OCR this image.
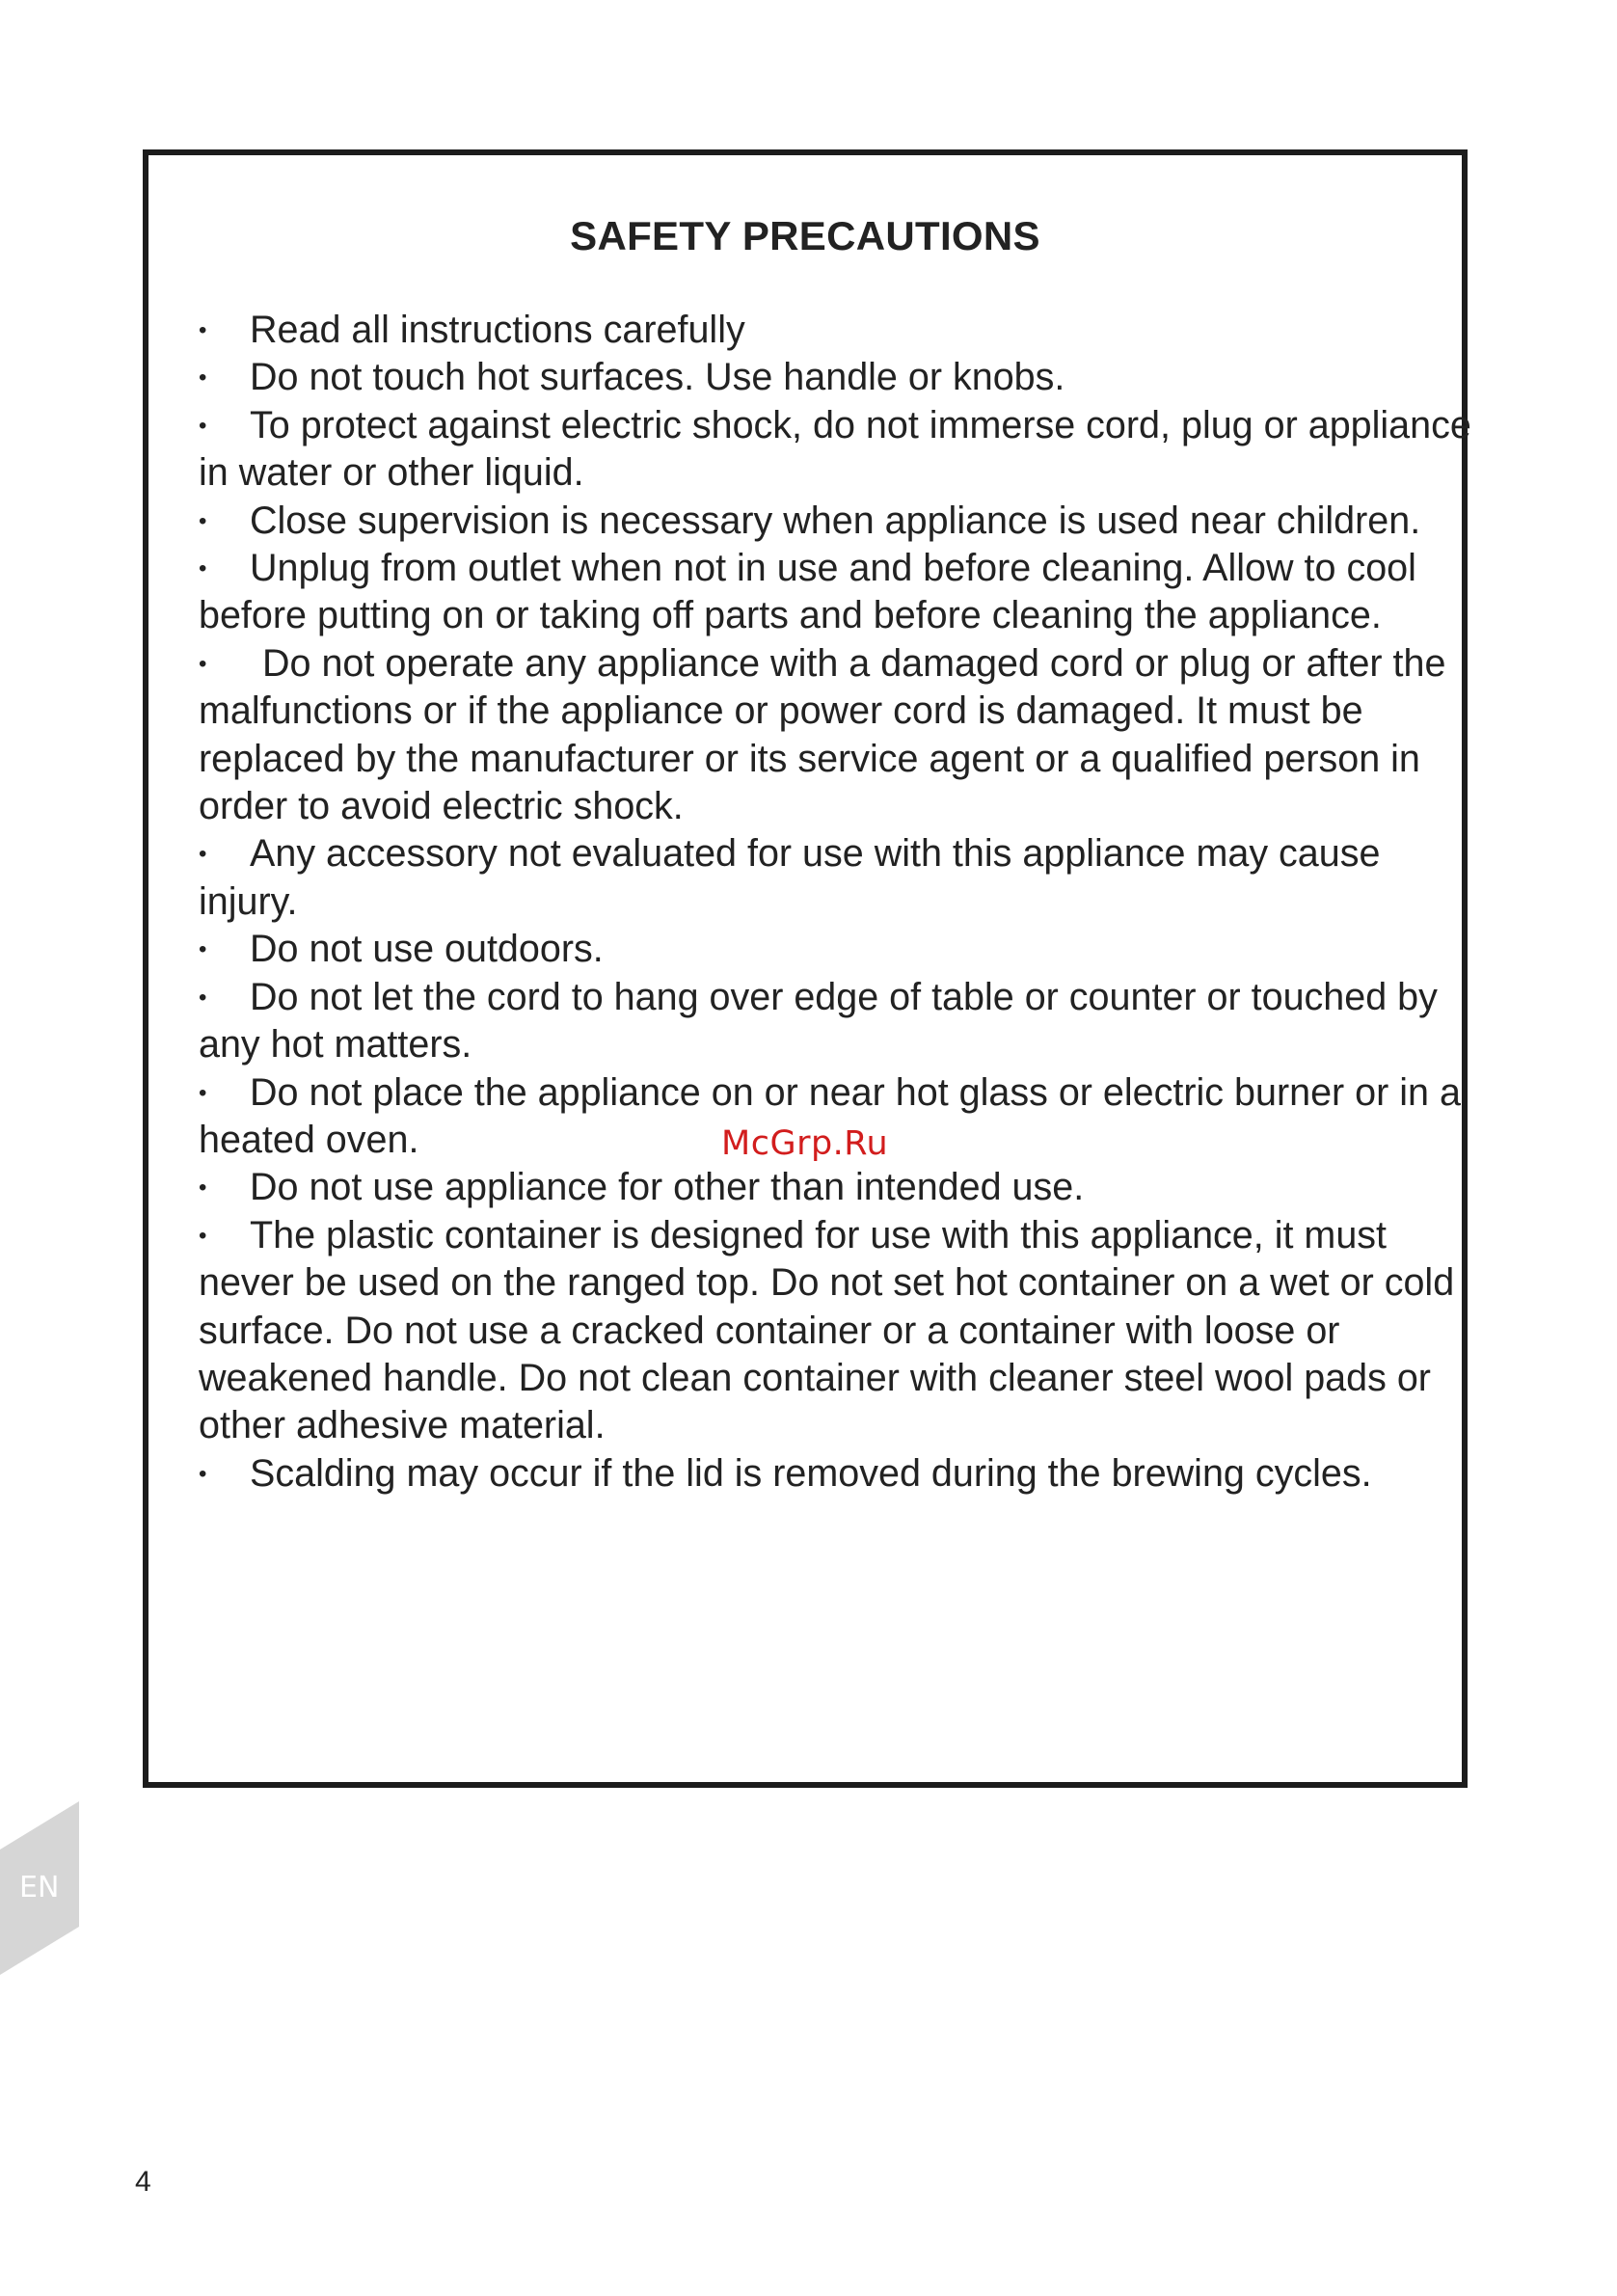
SAFETY PRECAUTIONS

• Read all instructions carefully

• Do not touch hot surfaces. Use handle or knobs.

• To protect against electric shock, do not immerse cord, plug or appliance in water or other liquid.

• Close supervision is necessary when appliance is used near children.

• Unplug from outlet when not in use and before cleaning. Allow to cool before putting on or taking off parts and before cleaning the appliance.

• Do not operate any appliance with a damaged cord or plug or after the malfunctions or if the appliance or power cord is damaged. It must be replaced by the manufacturer or its service agent or a qualified person in order to avoid electric shock.

• Any accessory not evaluated for use with this appliance may cause injury.

• Do not use outdoors.

• Do not let the cord to hang over edge of table or counter or touched by any hot matters.

• Do not place the appliance on or near hot glass or electric burner or in a heated oven.

• Do not use appliance for other than intended use.

• The plastic container is designed for use with this appliance, it must never be used on the ranged top. Do not set hot container on a wet or cold surface. Do not use a cracked container or a container with loose or weakened handle. Do not clean container with cleaner steel wool pads or other adhesive material.

• Scalding may occur if the lid is removed during the brewing cycles.

McGrp.Ru
EN
4
